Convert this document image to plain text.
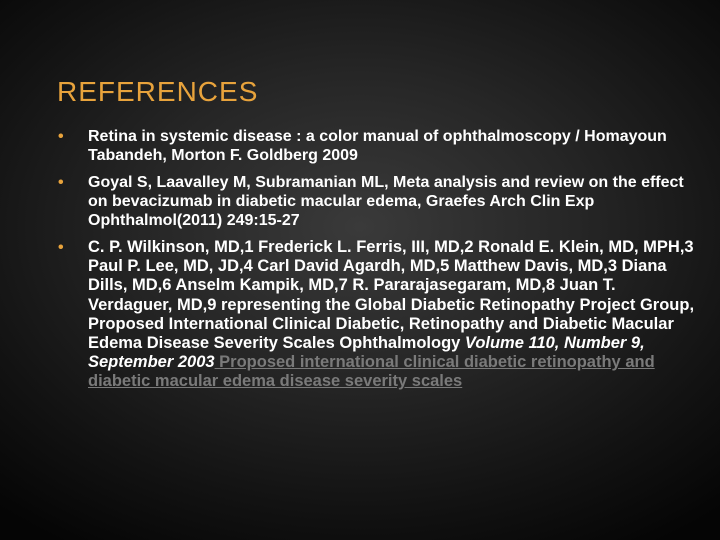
REFERENCES
• Retina in systemic disease : a color manual of ophthalmoscopy / Homayoun Tabandeh, Morton F. Goldberg 2009
• Goyal S, Laavalley M, Subramanian ML, Meta analysis and review on the effect on bevacizumab in diabetic macular edema, Graefes Arch Clin Exp Ophthalmol(2011) 249:15-27
• C. P. Wilkinson, MD,1 Frederick L. Ferris, III, MD,2 Ronald E. Klein, MD, MPH,3 Paul P. Lee, MD, JD,4 Carl David Agardh, MD,5 Matthew Davis, MD,3 Diana Dills, MD,6 Anselm Kampik, MD,7 R. Pararajasegaram, MD,8 Juan T. Verdaguer, MD,9 representing the Global Diabetic Retinopathy Project Group, Proposed International Clinical Diabetic, Retinopathy and Diabetic Macular Edema Disease Severity Scales Ophthalmology Volume 110, Number 9, September 2003 Proposed international clinical diabetic retinopathy and diabetic macular edema disease severity scales
